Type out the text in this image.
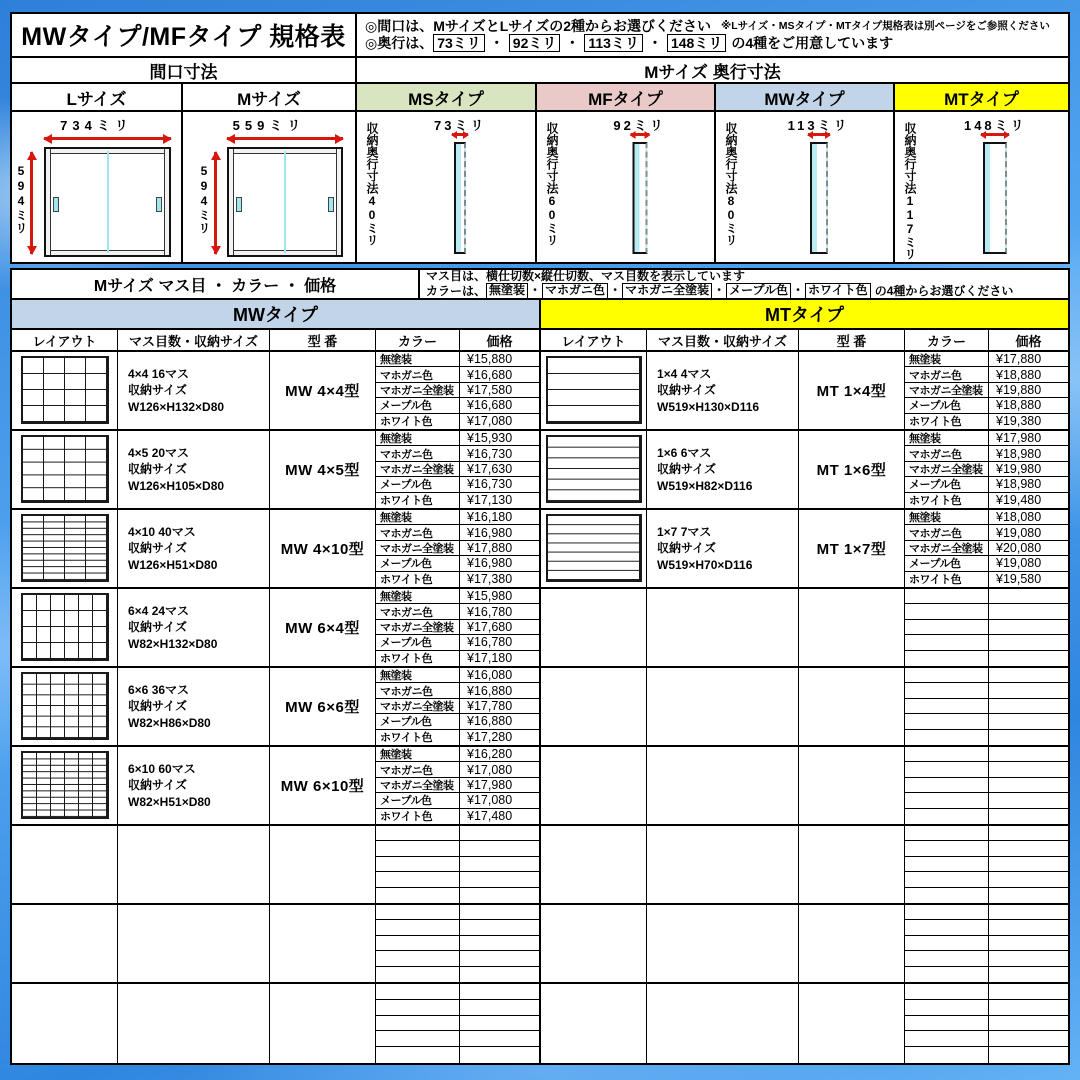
MWタイプ/MFタイプ 規格表	◎間口は、MサイズとLサイズの2種からお選びください ※Lサイズ・MSタイプ・MTタイプ規格表は別ページをご参照ください
◎奥行は、 73ミリ ・ 92ミリ ・ 113ミリ ・ 148ミリ の4種をご用意しています
間口寸法	Mサイズ 奥行寸法
Lサイズ	Mサイズ	MSタイプ	MFタイプ	MWタイプ	MTタイプ
734ミリ
594ミリ
559ミリ
594ミリ	収納奥行寸法40ミリ	73ミリ	収納奥行寸法60ミリ	92ミリ	収納奥行寸法80ミリ	113ミリ	収納奥行寸法117ミリ	148ミリ
Mサイズ マス目 ・ カラー ・ 価格
マス目は、横仕切数×縦仕切数、マス目数を表示しています
カラーは、 無塗装 ・ マホガニ色 ・ マホガニ全塗装 ・ メープル色 ・ ホワイト色 の4種からお選びください
MWタイプ	MTタイプ
レイアウト	マス目数・収納サイズ	型 番	カラー	価格	レイアウト	マス目数・収納サイズ	型 番	カラー	価格
4×4 16マス
収納サイズ
W126×H132×D80
MW 4×4型
無塗装	¥15,880
マホガニ色	¥16,680
マホガニ全塗装 ¥17,580
メープル色	¥16,680
ホワイト色	¥17,080
4×5 20マス
収納サイズ
W126×H105×D80
MW 4×5型
無塗装	¥15,930
マホガニ色	¥16,730
マホガニ全塗装 ¥17,630
メープル色	¥16,730
ホワイト色	¥17,130
4×10 40マス
収納サイズ
W126×H51×D80
MW 4×10型
無塗装	¥16,180
マホガニ色	¥16,980
マホガニ全塗装 ¥17,880
メープル色	¥16,980
ホワイト色	¥17,380
6×4 24マス
収納サイズ
W82×H132×D80
MW 6×4型
無塗装	¥15,980
マホガニ色	¥16,780
マホガニ全塗装 ¥17,680
メープル色	¥16,780
ホワイト色	¥17,180
6×6 36マス
収納サイズ
W82×H86×D80
MW 6×6型
無塗装	¥16,080
マホガニ色	¥16,880
マホガニ全塗装 ¥17,780
メープル色	¥16,880
ホワイト色	¥17,280
6×10 60マス
収納サイズ
W82×H51×D80
MW 6×10型
無塗装	¥16,280
マホガニ色	¥17,080
マホガニ全塗装 ¥17,980
メープル色	¥17,080
ホワイト色	¥17,480
1×4 4マス
収納サイズ
W519×H130×D116
MT 1×4型
無塗装	¥17,880
マホガニ色	¥18,880
マホガニ全塗装 ¥19,880
メープル色	¥18,880
ホワイト色	¥19,380
1×6 6マス
収納サイズ
W519×H82×D116
MT 1×6型
無塗装	¥17,980
マホガニ色	¥18,980
マホガニ全塗装 ¥19,980
メープル色	¥18,980
ホワイト色	¥19,480
1×7 7マス
収納サイズ
W519×H70×D116
MT 1×7型
無塗装	¥18,080
マホガニ色	¥19,080
マホガニ全塗装 ¥20,080
メープル色	¥19,080
ホワイト色	¥19,580
